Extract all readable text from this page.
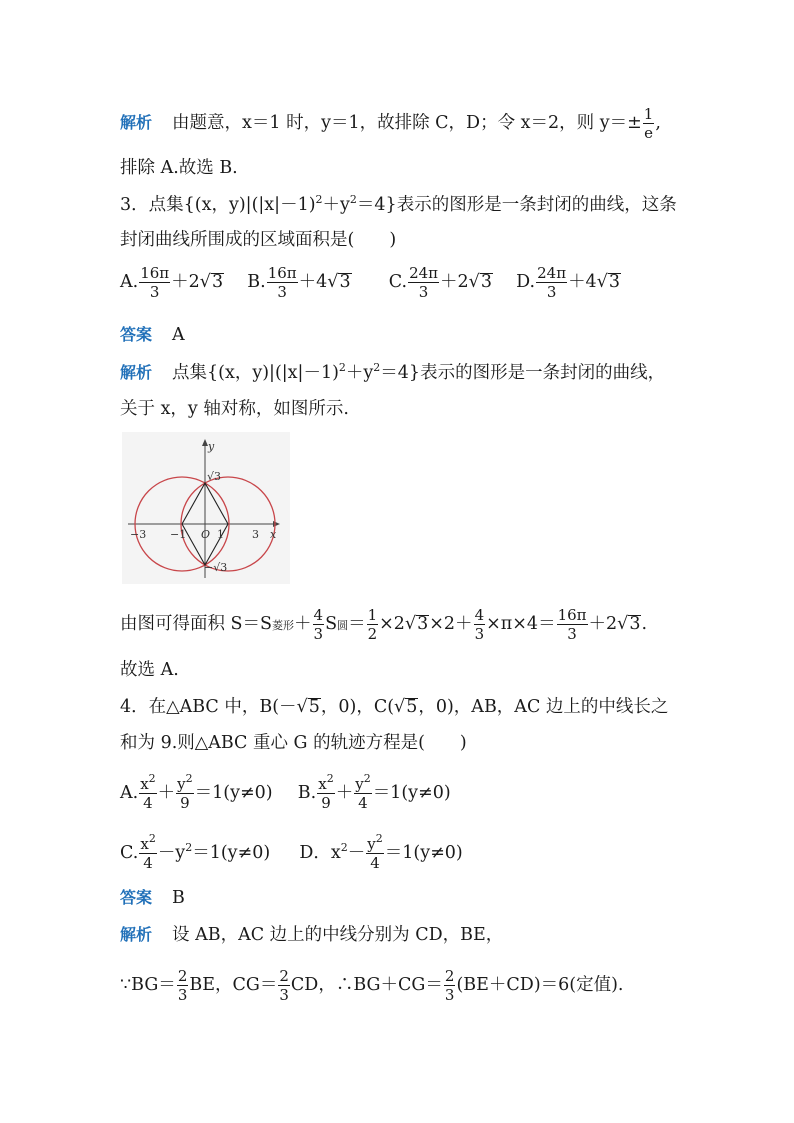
解析 由题意，x＝1 时，y＝1，故排除 C，D；令 x＝2，则 $y=\pm \frac{1}{e}$ ,
排除 A.故选 B.
3．点集{(x，$y)|(|x|-1)^2+y^2=4$}表示的图形是一条封闭的曲线，这条
封闭曲线所围成的区域面积是(　　)
A. $\frac{16\pi}{3} +2√3$ B. $\frac{16\pi}{3} +4√3$ C. $\frac{24\pi}{3} +2√3$ D. $\frac{24\pi}{3} +4√3$
答案 A
解析 点集{(x，$y)|(|x|-1)^2+y^2=4$}表示的图形是一条封闭的曲线，
关于 x，y 轴对称，如图所示.
y
x
−3 −1 O 1	3
√3
−√3
由图可得面积 S＝S菱形＋ $\frac{4}{3}$ S圆＝ $\frac{1}{2} \times 2√3\times 2+ \frac{4}{3} \times\pi\times 4= \frac{16\pi}{3} +2√3$.
故选 A.
4．在△ABC 中，B(－√5，0)，C(√5，0)，AB，AC 边上的中线长之
和为 9.则△ABC 重心 G 的轨迹方程是(　　)
A. $\frac{x^2}{4} + \frac{y^2}{9} =1(y\ne 0)$ B. $\frac{x^2}{9} + \frac{y^2}{4} =1(y\ne 0)$
C. $\frac{x^2}{4} -y^2=1(y\ne 0)$ D．$x^2- \frac{y^2}{4} =1(y\ne 0)$
答案 B
解析 设 AB，AC 边上的中线分别为 CD，BE，
∵BG＝ $\frac{2}{3}$ BE，$CG= \frac{2}{3}$ CD，∴BG＋CG＝ $\frac{2}{3} (BE+CD)=6$(定值).
